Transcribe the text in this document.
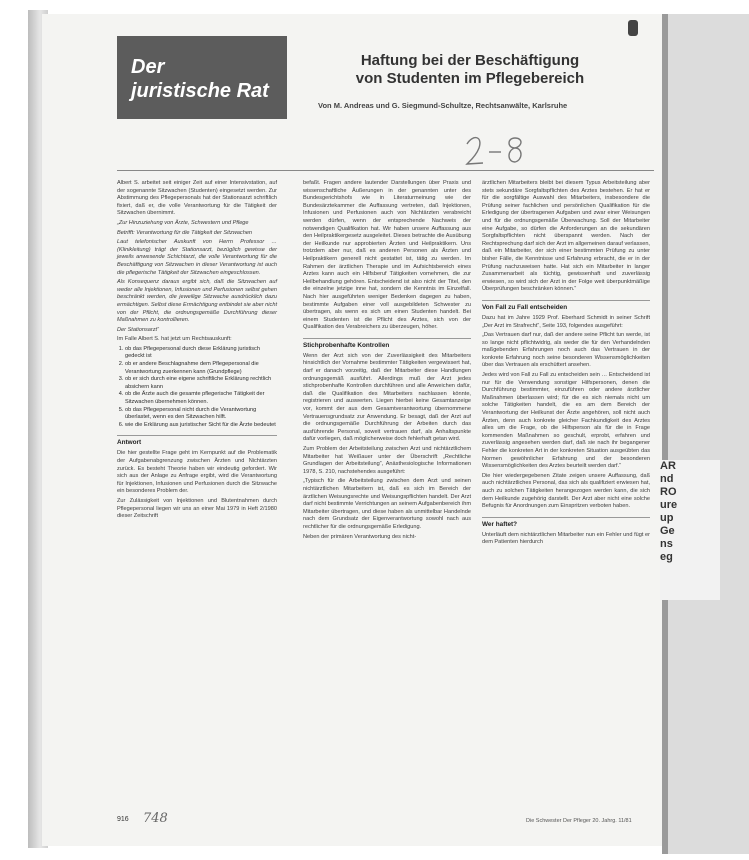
AR
nd
RO
ure
up
Ge
ns
eg
Der
juristische Rat
Haftung bei der Beschäftigung
von Studenten im Pflegebereich
Von M. Andreas und G. Siegmund-Schultze, Rechtsanwälte, Karlsruhe

Albert S. arbeitet seit einiger Zeit auf einer Intensivstation, auf der sogenannte Sitzwachen (Studenten) eingesetzt werden. Zur Abstimmung des Pflegepersonals hat der Stationsarzt schriftlich fixiert, daß er, die volle Verantwortung für die Tätigkeit der Sitzwachen übernimmt.

„Zur Hinzuziehung von Ärzte, Schwestern und Pflege

Betrifft: Verantwortung für die Tätigkeit der Sitzwachen

Laut telefonischer Auskunft von Herrn Professor … (Klinikleitung) trägt der Stationsarzt, bezüglich gewisse der jeweils anwesende Schichtarzt, die volle Verantwortung für die Beschäftigung von Sitzwachen in dieser Verantwortung ist auch die pflegerische Tätigkeit der Sitzwachen eingeschlossen.

Als Konsequenz daraus ergibt sich, daß die Sitzwachen auf weder alle Injektionen, Infusionen und Perfusionen selbst gehen beschränkt werden, die jeweilige Sitzwache ausdrücklich dazu ermächtigen. Selbst diese Ermächtigung entbindet sie aber nicht von der Pflicht, die ordnungsgemäße Durchführung dieser Maßnahmen zu kontrollieren.

Der Stationsarzt“

Im Falle Albert S. hat jetzt um Rechtsauskunft:

1. ob das Pflegepersonal durch diese Erklärung juristisch gedeckt ist
2. ob er andere Beschlagnahme dem Pflegepersonal die Verantwortung zuerkennen kann (Grundpflege)
3. ob er sich durch eine eigene schriftliche Erklärung rechtlich absichern kann
4. ob die Ärzte auch die gesamte pflegerische Tätigkeit der Sitzwachen übernehmen können.
5. ob das Pflegepersonal nicht durch die Verantwortung überlastet, wenn es den Sitzwachen hilft.
6. wie die Erklärung aus juristischer Sicht für die Ärzte bedeutet
Antwort

Die hier gestellte Frage geht im Kernpunkt auf die Problematik der Aufgabenabgrenzung zwischen Ärzten und Nichtärzten zurück. Es besteht Theorie haben wir eindeutig gefordert. Wir sich aus der Anlage zu Anfrage ergibt, wird die Verantwortung für Injektionen, Infusionen und Perfusionen durch die Sitzwache ein besonderes Problem der.

Zur Zulässigkeit von Injektionen und Blutentnahmen durch Pflegepersonal liegen wir uns an einer Mai 1979 in Heft 2/1980 dieser Zeitschrift

befaßt. Fragen andere lautender Darstellungen über Praxis und wissenschaftliche Äußerungen in der genannten unter des Bundesgerichtshofs wie in Literaturmeinung wie der Bundesärztekammer die Auffassung vertreten, daß Injektionen, Infusionen und Perfusionen auch von Nichtärzten verabreicht werden dürfen, wenn der entsprechende Nachweis der notwendigen Qualifikation hat. Wir haben unsere Auffassung aus den Heilpraktikergesetz ausgeleitet. Dieses betrachte die Ausübung der Heilkunde nur approbierten Ärzten und Heilpraktikern. Uns trotzdem aber nur, daß es anderen Personen als Ärzten und Heilpraktikern generell nicht gestattet ist, tätig zu werden. Im Rahmen der ärztlichen Therapie und im Aufsichtsbereich eines Arztes kann auch ein Hilfsberuf Tätigkeiten vornehmen, die zur Heilbehandlung gehören. Entscheidend ist also nicht der Titel, den die einzelne jetzige inne hat, sondern die Kenntnis im Einzelfall. Nach hier ausgeführten weniger Bedenken dagegen zu haben, bestimmte Aufgaben einer voll ausgebildeten Schwester zu übertragen, als wenn es sich um einen Studenten handelt. Bei einem Studenten ist die Pflicht des Arztes, sich von der Qualifikation des Verabreichers zu überzeugen, höher.

Stichprobenhafte Kontrollen

Wenn der Arzt sich von der Zuverlässigkeit des Mitarbeiters hinsichtlich der Vornahme bestimmter Tätigkeiten vergewissert hat, darf er danach vorzeitig, daß der Mitarbeiter diese Handlungen ordnungsgemäß ausführt. Allerdings muß der Arzt jedes stichprobenhafte Kontrollen durchführen und alle Anweichen dafür, daß die Qualifikation des Mitarbeiters nachlassen könnte, registrieren und auswerten. Liegen hierbei keine Gesamtanzeige vor, kommt der aus dem Gesamtverantwortung übernommene Vertrauensgrundsatz zur Anwendung. Er besagt, daß der Arzt auf die ordnungsgemäße Durchführung der Arbeiten durch das ausführende Personal, soweit vertrauen darf, als Anhaltspunkte dafür vorliegen, daß möglicherweise doch fehlerhaft getan wird.

Zum Problem der Arbeitsteilung zwischen Arzt und nichtärztlichem Mitarbeiter hat Weißauer unter der Überschrift „Rechtliche Grundlagen der Arbeitsteilung“, Anästhesiologische Informationen 1978, S. 210, nachstehendes ausgeführt:

„Typisch für die Arbeitsteilung zwischen dem Arzt und seinen nichtärztlichen Mitarbeitern ist, daß es sich im Bereich der ärztlichen Weisungsrechte und Weisungspflichten handelt. Der Arzt darf nicht bestimmte Verrichtungen an seinem Aufgabenbereich ihm Mitarbeiter übertragen, und diese haben als unmittelbar Handelnde nach dem Grundsatz der Eigenverantwortung sowohl nach aus rechtlicher für die ordnungsgemäße Erledigung.

Neben der primären Verantwortung des nicht-

ärztlichen Mitarbeiters bleibt bei diesem Typus Arbeitsteilung aber stets sekundäre Sorgfaltspflichten des Arztes bestehen. Er hat er für die sorgfältige Auswahl des Mitarbeiters, insbesondere die Prüfung seiner fachlichen und persönlichen Qualifikation für die Erledigung der übertragenen Aufgaben und zwar einer Weisungen und für die ordnungsgemäße Überwachung. Soll der Mitarbeiter eine Aufgabe, so dürfen die Anforderungen an die sekundären Sorgfaltspflichten nicht überspannt werden. Nach der Rechtsprechung darf sich der Arzt im allgemeinen darauf verlassen, daß ein Mitarbeiter, der sich einer bestimmten Prüfung zu unter bisher Fälle, die Kenntnisse und Erfahrung erbracht, die er in der Prüfung nachzuweisen hatte. Hat sich ein Mitarbeiter in langer Zusammenarbeit als tüchtig, gewissenhaft und zuverlässig erwiesen, so wird sich der Arzt in der Folge weit überpunktmäßige Überprüfungen beschränken können.“

Von Fall zu Fall entscheiden

Dazu hat im Jahre 1929 Prof. Eberhard Schmidt in seiner Schrift „Der Arzt im Strafrecht“, Seite 193, folgendes ausgeführt:

„Das Vertrauen darf nur, daß der andere seine Pflicht tun werde, ist so lange nicht pflichtwidrig, als weder die für den Verhandelnden maßgebenden Erfahrungen noch auch das Vertrauen in der konkrete Erfahrung noch seine besonderen Wissensmöglichkeiten über das Vertrauen als erschüttert ansehen.

Jedes wird von Fall zu Fall zu entscheiden sein … Entscheidend ist nur für die Verwendung sonstiger Hilfspersonen, denen die Durchführung bestimmter, einzuführen oder andere ärztlicher Maßnahmen überlassen wird; für die es sich niemals nicht um solche Tätigkeiten handelt, die es am dem Bereich der Verantwortung der Heilkunst der Ärzte angehören, soll nicht auch Ärzten, denn auch konkrete gleicher Fachkundigkeit des Arztes alles um die Frage, ob die Hilfsperson als für die in Frage kommenden Maßnahmen so geschult, erprobt, erfahren und zuverlässig angesehen werden darf, daß sie nach ihr begangener Fehler die konkreten Art in der konkreten Situation ausgeübten das Normen gewöhnlicher Erfahrung und der besonderen Wissensmöglichkeiten des Arztes beurteilt werden darf.“

Die hier wiedergegebenen Zitate zeigen unsere Auffassung, daß auch nichtärztliches Personal, das sich als qualifiziert erwiesen hat, auch zu solchen Tätigkeiten herangezogen werden kann, die sich dem Heilkunde zugehörig darstellt. Der Arzt aber nicht eine solche Befugnis für Anordnungen zum Einspritzen verboten haben.

Wer haftet?

Unterläuft dem nichtärztlichen Mitarbeiter nun ein Fehler und fügt er dem Patienten hierdurch

916 748	Die Schwester Der Pfleger 20. Jahrg. 11/81
